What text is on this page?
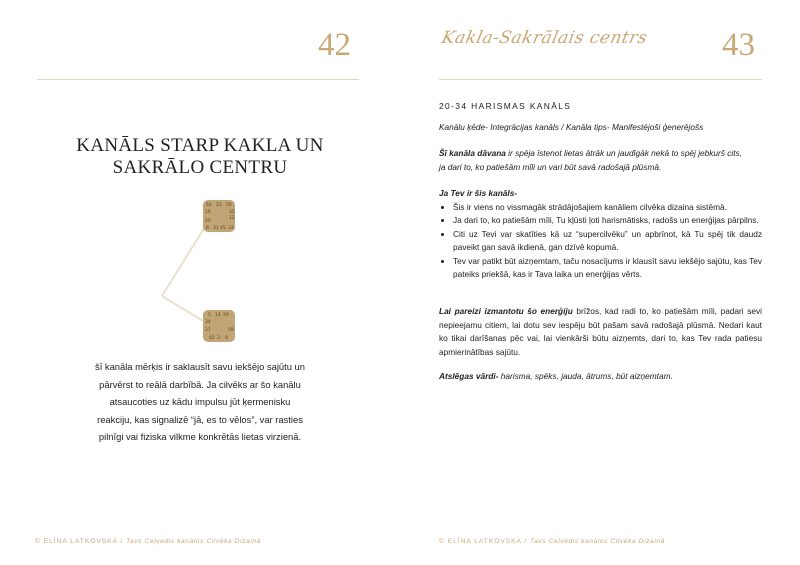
42
KANĀLS STARP KAKLA UN
SAKRĀLO CENTRU
62 23 56
16	35
12
20
8 31 45 33
5 14 29
34
27	59
42 3 9
šī kanāla mērķis ir saklausīt savu iekšējo sajūtu un
pārvērst to reālā darbībā. Ja cilvēks ar šo kanālu
atsaucoties uz kādu impulsu jūt ķermenisku
reakciju, kas signalizē “jā, es to vēlos”, var rasties
pilnīgi vai fiziska vilkme konkrētās lietas virzienā.
© ELĪNA LATKOVSKA / Tavs Ceļvedis kanālos Cilvēka Dizainā
Kakla-Sakrālais centrs 43
20-34 HARISMAS KANĀLS
Kanālu ķēde- Integrācijas kanāls / Kanāla tips- Manifestējoši ģenerējošs
Šī kanāla dāvana ir spēja īstenot lietas ātrāk un jaudīgāk nekā to spēj jebkurš cits,
ja dari to, ko patiešām mīli un vari būt savā radošajā plūsmā.
Ja Tev ir šis kanāls-
• Šis ir viens no vissmagāk strādājošajiem kanāliem cilvēka dizaina sistēmā.
• Ja dari to, ko patiešām mīli, Tu kļūsti ļoti harismātisks, radošs un enerģijas pārpilns.
• Citi uz Tevi var skatīties kā uz “supercilvēku” un apbrīnot, kā Tu spēj tik daudz paveikt gan savā ikdienā, gan dzīvē kopumā.
• Tev var patikt būt aizņemtam, taču nosacījums ir klausīt savu iekšējo sajūtu, kas Tev pateiks priekšā, kas ir Tava laika un enerģijas vērts.
Lai pareizi izmantotu šo enerģiju brīžos, kad radi to, ko patiešām mīli, padari sevi nepieejamu citiem, lai dotu sev iespēju būt pašam savā radošajā plūsmā. Nedari kaut ko tikai darīšanas pēc vai, lai vienkārši būtu aizņemts, dari to, kas Tev rada patiesu apmierinātības sajūtu.
Atslēgas vārdi- harisma, spēks, jauda, ātrums, būt aizņemtam.
© ELĪNA LATKOVSKA / Tavs Ceļvedis kanālos Cilvēka Dizainā
